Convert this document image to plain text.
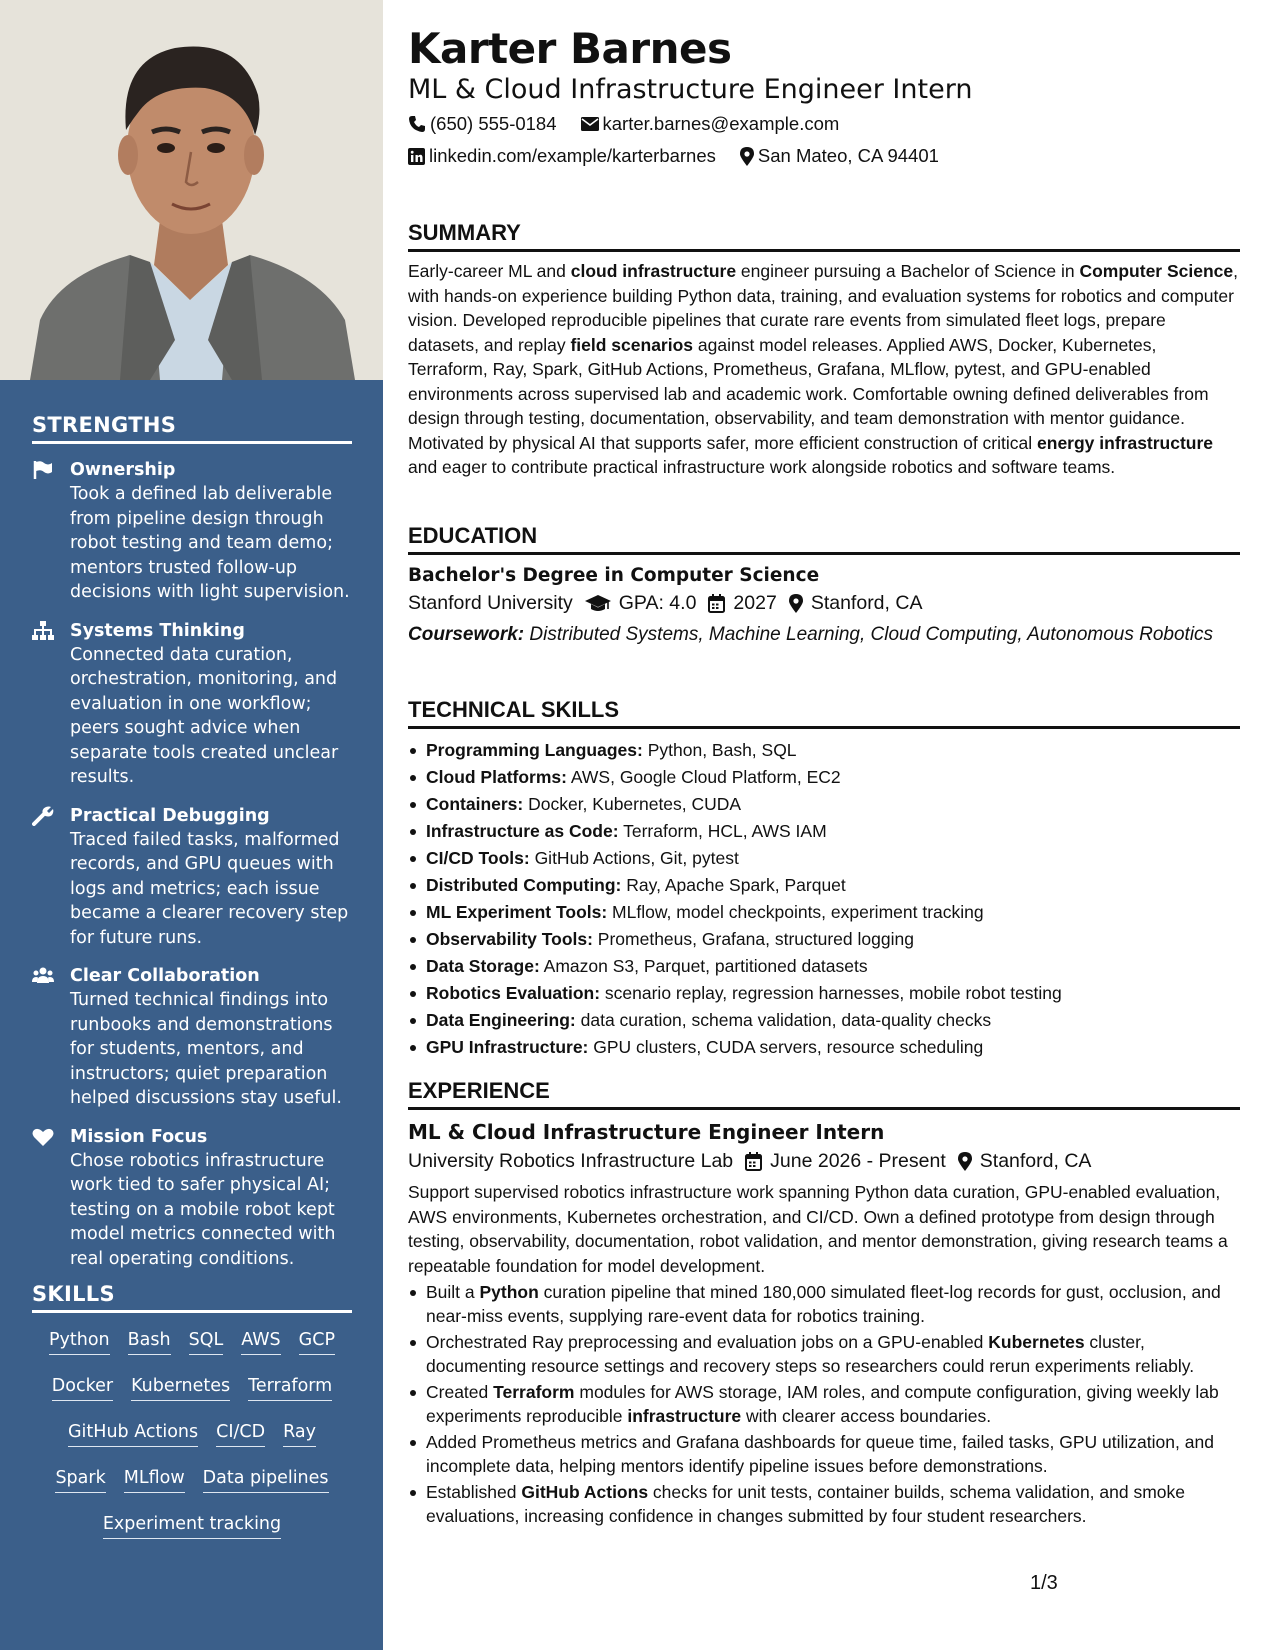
STRENGTHS
Ownership
Took a defined lab deliverable from pipeline design through robot testing and team demo; mentors trusted follow-up decisions with light supervision.
Systems Thinking
Connected data curation, orchestration, monitoring, and evaluation in one workflow; peers sought advice when separate tools created unclear results.
Practical Debugging
Traced failed tasks, malformed records, and GPU queues with logs and metrics; each issue became a clearer recovery step for future runs.
Clear Collaboration
Turned technical findings into runbooks and demonstrations for students, mentors, and instructors; quiet preparation helped discussions stay useful.
Mission Focus
Chose robotics infrastructure work tied to safer physical AI; testing on a mobile robot kept model metrics connected with real operating conditions.
SKILLS
Python Bash SQL AWS GCP
Docker Kubernetes Terraform
GitHub Actions CI/CD Ray
Spark MLflow Data pipelines
Experiment tracking
Karter Barnes
ML & Cloud Infrastructure Engineer Intern
(650) 555-0184 karter.barnes@example.com
linkedin.com/example/karterbarnes San Mateo, CA 94401
SUMMARY
Early-career ML and cloud infrastructure engineer pursuing a Bachelor of Science in Computer Science, with hands-on experience building Python data, training, and evaluation systems for robotics and computer vision. Developed reproducible pipelines that curate rare events from simulated fleet logs, prepare datasets, and replay field scenarios against model releases. Applied AWS, Docker, Kubernetes, Terraform, Ray, Spark, GitHub Actions, Prometheus, Grafana, MLflow, pytest, and GPU-enabled environments across supervised lab and academic work. Comfortable owning defined deliverables from design through testing, documentation, observability, and team demonstration with mentor guidance. Motivated by physical AI that supports safer, more efficient construction of critical energy infrastructure and eager to contribute practical infrastructure work alongside robotics and software teams.
EDUCATION
Bachelor's Degree in Computer Science
Stanford University GPA: 4.0 2027 Stanford, CA
Coursework: Distributed Systems, Machine Learning, Cloud Computing, Autonomous Robotics
TECHNICAL SKILLS
Programming Languages: Python, Bash, SQL
Cloud Platforms: AWS, Google Cloud Platform, EC2
Containers: Docker, Kubernetes, CUDA
Infrastructure as Code: Terraform, HCL, AWS IAM
CI/CD Tools: GitHub Actions, Git, pytest
Distributed Computing: Ray, Apache Spark, Parquet
ML Experiment Tools: MLflow, model checkpoints, experiment tracking
Observability Tools: Prometheus, Grafana, structured logging
Data Storage: Amazon S3, Parquet, partitioned datasets
Robotics Evaluation: scenario replay, regression harnesses, mobile robot testing
Data Engineering: data curation, schema validation, data-quality checks
GPU Infrastructure: GPU clusters, CUDA servers, resource scheduling
EXPERIENCE
ML & Cloud Infrastructure Engineer Intern
University Robotics Infrastructure Lab June 2026 - Present Stanford, CA
Support supervised robotics infrastructure work spanning Python data curation, GPU-enabled evaluation, AWS environments, Kubernetes orchestration, and CI/CD. Own a defined prototype from design through testing, observability, documentation, robot validation, and mentor demonstration, giving research teams a repeatable foundation for model development.
Built a Python curation pipeline that mined 180,000 simulated fleet-log records for gust, occlusion, and near-miss events, supplying rare-event data for robotics training.
Orchestrated Ray preprocessing and evaluation jobs on a GPU-enabled Kubernetes cluster, documenting resource settings and recovery steps so researchers could rerun experiments reliably.
Created Terraform modules for AWS storage, IAM roles, and compute configuration, giving weekly lab experiments reproducible infrastructure with clearer access boundaries.
Added Prometheus metrics and Grafana dashboards for queue time, failed tasks, GPU utilization, and incomplete data, helping mentors identify pipeline issues before demonstrations.
Established GitHub Actions checks for unit tests, container builds, schema validation, and smoke evaluations, increasing confidence in changes submitted by four student researchers.
1/3
